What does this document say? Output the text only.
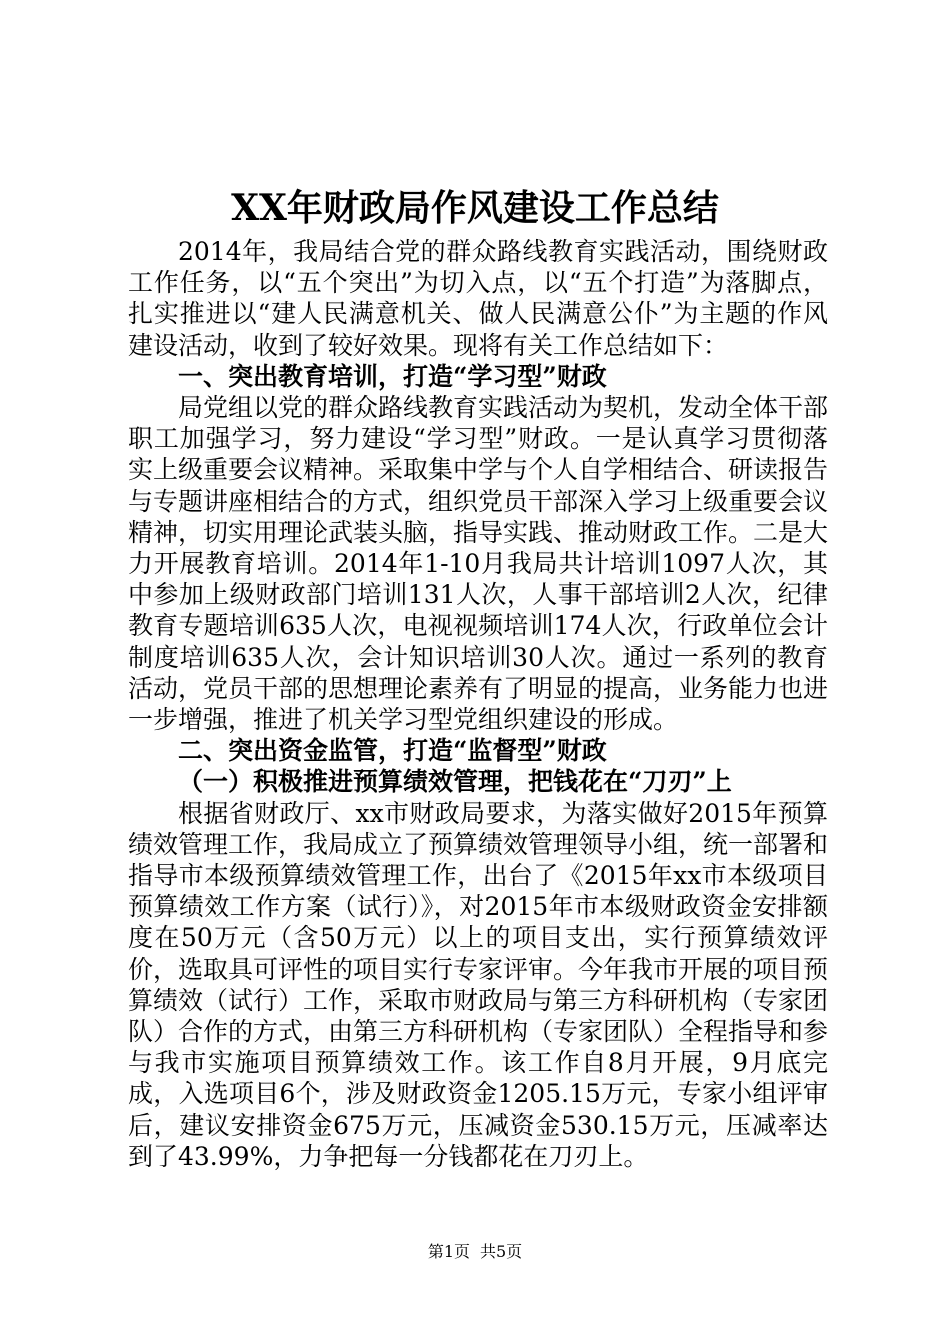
XX年财政局作风建设工作总结

2014年，我局结合党的群众路线教育实践活动，围绕财政工作任务，以“五个突出”为切入点，以“五个打造”为落脚点，扎实推进以“建人民满意机关、做人民满意公仆”为主题的作风建设活动，收到了较好效果。现将有关工作总结如下：

一、突出教育培训，打造“学习型”财政

局党组以党的群众路线教育实践活动为契机，发动全体干部职工加强学习，努力建设“学习型”财政。一是认真学习贯彻落实上级重要会议精神。采取集中学与个人自学相结合、研读报告与专题讲座相结合的方式，组织党员干部深入学习上级重要会议精神，切实用理论武装头脑，指导实践、推动财政工作。二是大力开展教育培训。2014年1-10月我局共计培训1097人次，其中参加上级财政部门培训131人次，人事干部培训2人次，纪律教育专题培训635人次，电视视频培训174人次，行政单位会计制度培训635人次，会计知识培训30人次。通过一系列的教育活动，党员干部的思想理论素养有了明显的提高，业务能力也进一步增强，推进了机关学习型党组织建设的形成。

二、突出资金监管，打造“监督型”财政

（一）积极推进预算绩效管理，把钱花在“刀刃”上

根据省财政厅、xx市财政局要求，为落实做好2015年预算绩效管理工作，我局成立了预算绩效管理领导小组，统一部署和指导市本级预算绩效管理工作，出台了《2015年xx市本级项目预算绩效工作方案（试行）》，对2015年市本级财政资金安排额度在50万元（含50万元）以上的项目支出，实行预算绩效评价，选取具可评性的项目实行专家评审。今年我市开展的项目预算绩效（试行）工作，采取市财政局与第三方科研机构（专家团队）合作的方式，由第三方科研机构（专家团队）全程指导和参与我市实施项目预算绩效工作。该工作自8月开展，9月底完成，入选项目6个，涉及财政资金1205.15万元，专家小组评审后，建议安排资金675万元，压减资金530.15万元，压减率达到了43.99%，力争把每一分钱都花在刀刃上。

第1页 共5页
